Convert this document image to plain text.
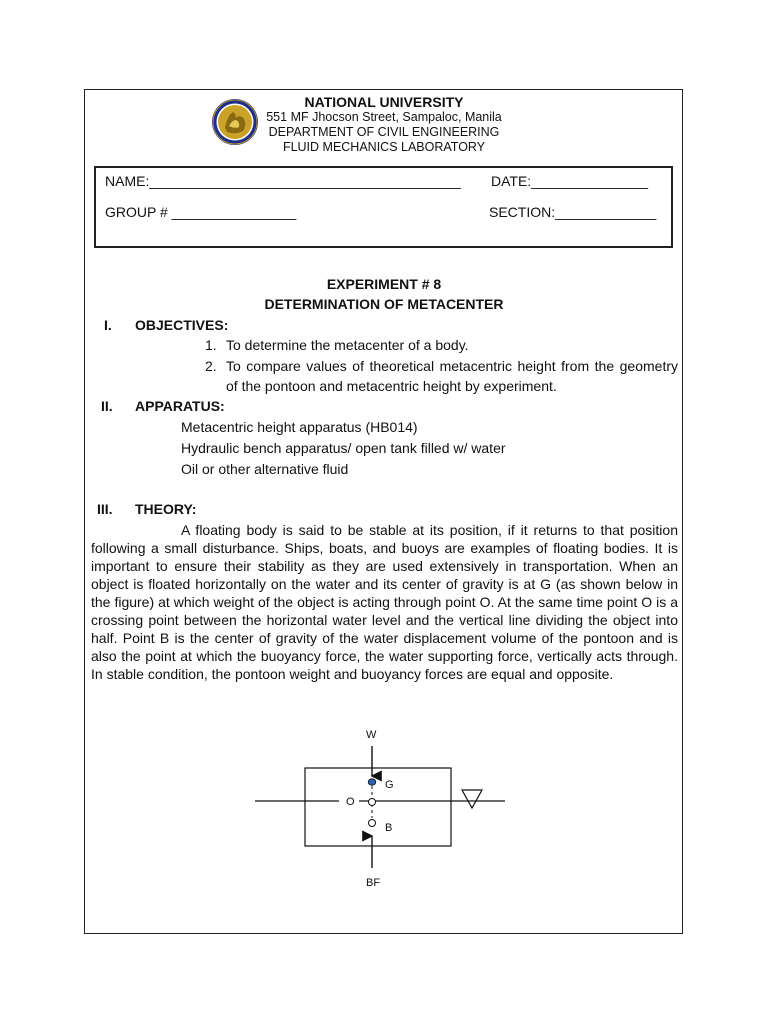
NATIONAL UNIVERSITY
551 MF Jhocson Street, Sampaloc, Manila
DEPARTMENT OF CIVIL ENGINEERING
FLUID MECHANICS LABORATORY
NAME:________________________________________ DATE:_______________
GROUP # ________________	SECTION:_____________
EXPERIMENT # 8
DETERMINATION OF METACENTER
I. OBJECTIVES:
1. To determine the metacenter of a body.
2. To compare values of theoretical metacentric height from the geometry of the pontoon and metacentric height by experiment.
II. APPARATUS:
Metacentric height apparatus (HB014)
Hydraulic bench apparatus/ open tank filled w/ water
Oil or other alternative fluid
III. THEORY:
A floating body is said to be stable at its position, if it returns to that position following a small disturbance. Ships, boats, and buoys are examples of floating bodies. It is important to ensure their stability as they are used extensively in transportation. When an object is floated horizontally on the water and its center of gravity is at G (as shown below in the figure) at which weight of the object is acting through point O. At the same time point O is a crossing point between the horizontal water level and the vertical line dividing the object into half. Point B is the center of gravity of the water displacement volume of the pontoon and is also the point at which the buoyancy force, the water supporting force, vertically acts through. In stable condition, the pontoon weight and buoyancy forces are equal and opposite.
W
G
O
B
BF
